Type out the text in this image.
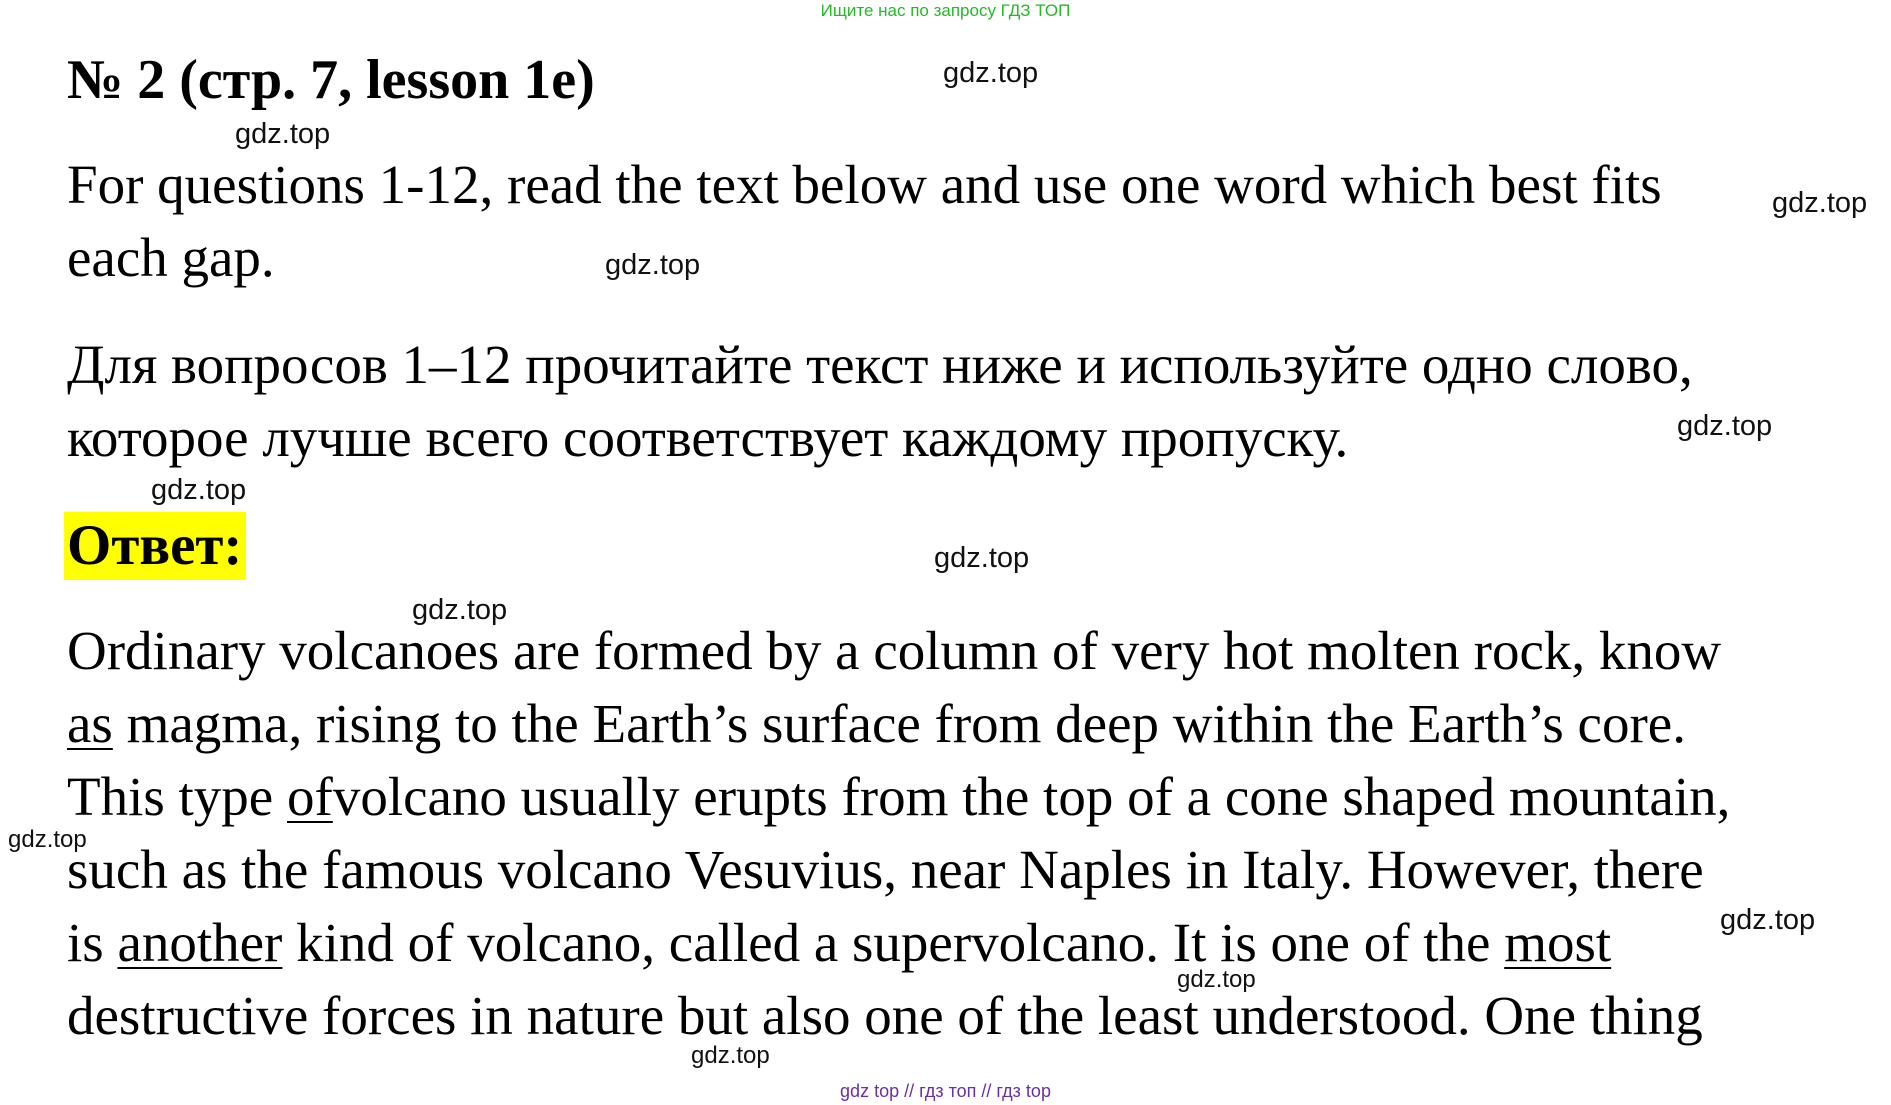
Ищите нас по запросу ГДЗ ТОП
№ 2 (стр. 7, lesson 1e)
For questions 1-12, read the text below and use one word which best fits
each gap.
Для вопросов 1–12 прочитайте текст ниже и используйте одно слово,
которое лучше всего соответствует каждому пропуску.
Ответ:
Ordinary volcanoes are formed by a column of very hot molten rock, know
as magma, rising to the Earth’s surface from deep within the Earth’s core.
This type ofvolcano usually erupts from the top of a cone shaped mountain,
such as the famous volcano Vesuvius, near Naples in Italy. However, there
is another kind of volcano, called a supervolcano. It is one of the most
destructive forces in nature but also one of the least understood. One thing
gdz.top
gdz.top
gdz.top
gdz.top
gdz.top
gdz.top
gdz.top
gdz.top
gdz.top
gdz.top
gdz.top
gdz.top
gdz top // гдз топ // гдз top
